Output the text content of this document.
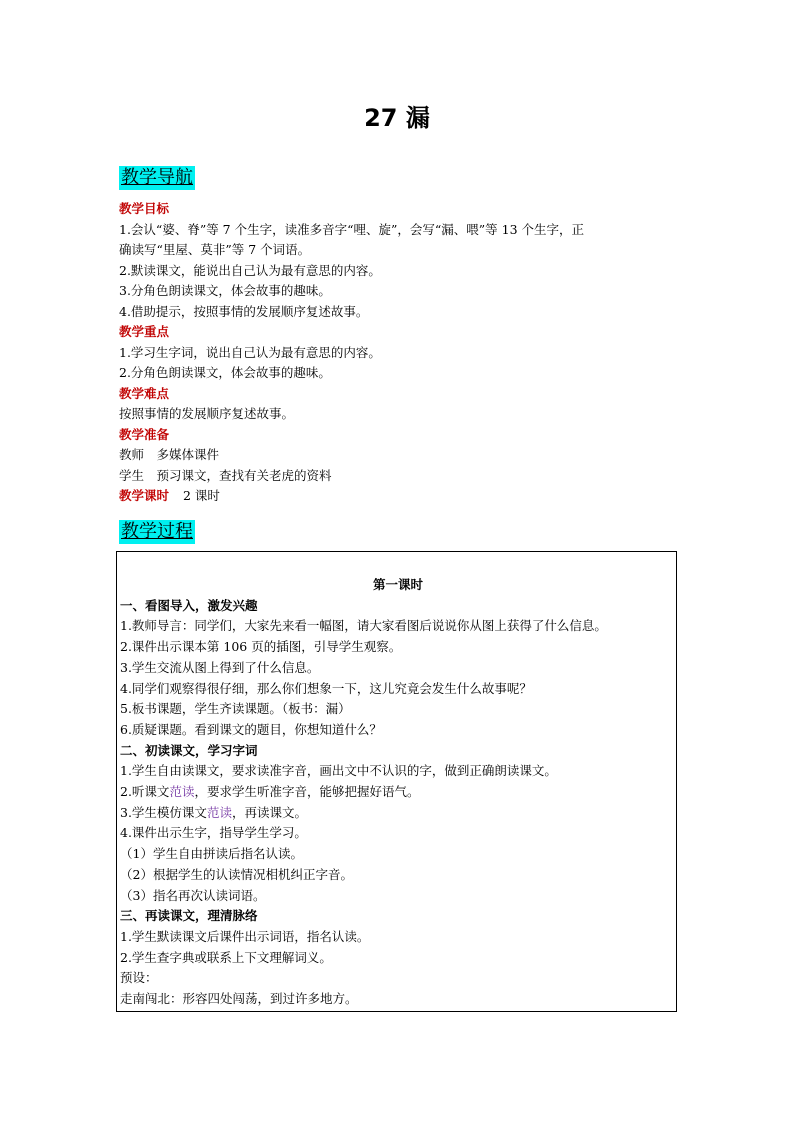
27 漏
教学导航
教学目标
1.会认“婆、脊”等 7 个生字，读准多音字“哩、旋”，会写“漏、喂”等 13 个生字，正
确读写“里屋、莫非”等 7 个词语。
2.默读课文，能说出自己认为最有意思的内容。
3.分角色朗读课文，体会故事的趣味。
4.借助提示，按照事情的发展顺序复述故事。
教学重点
1.学习生字词，说出自己认为最有意思的内容。
2.分角色朗读课文，体会故事的趣味。
教学难点
按照事情的发展顺序复述故事。
教学准备
教师　多媒体课件
学生　预习课文，查找有关老虎的资料
教学课时 2 课时
教学过程
第一课时
一、看图导入，激发兴趣
1.教师导言：同学们，大家先来看一幅图，请大家看图后说说你从图上获得了什么信息。
2.课件出示课本第 106 页的插图，引导学生观察。
3.学生交流从图上得到了什么信息。
4.同学们观察得很仔细，那么你们想象一下，这儿究竟会发生什么故事呢？
5.板书课题，学生齐读课题。（板书：漏）
6.质疑课题。看到课文的题目，你想知道什么？
二、初读课文，学习字词
1.学生自由读课文，要求读准字音，画出文中不认识的字，做到正确朗读课文。
2.听课文范读，要求学生听准字音，能够把握好语气。
3.学生模仿课文范读，再读课文。
4.课件出示生字，指导学生学习。
（1）学生自由拼读后指名认读。
（2）根据学生的认读情况相机纠正字音。
（3）指名再次认读词语。
三、再读课文，理清脉络
1.学生默读课文后课件出示词语，指名认读。
2.学生查字典或联系上下文理解词义。
预设：
走南闯北：形容四处闯荡，到过许多地方。
